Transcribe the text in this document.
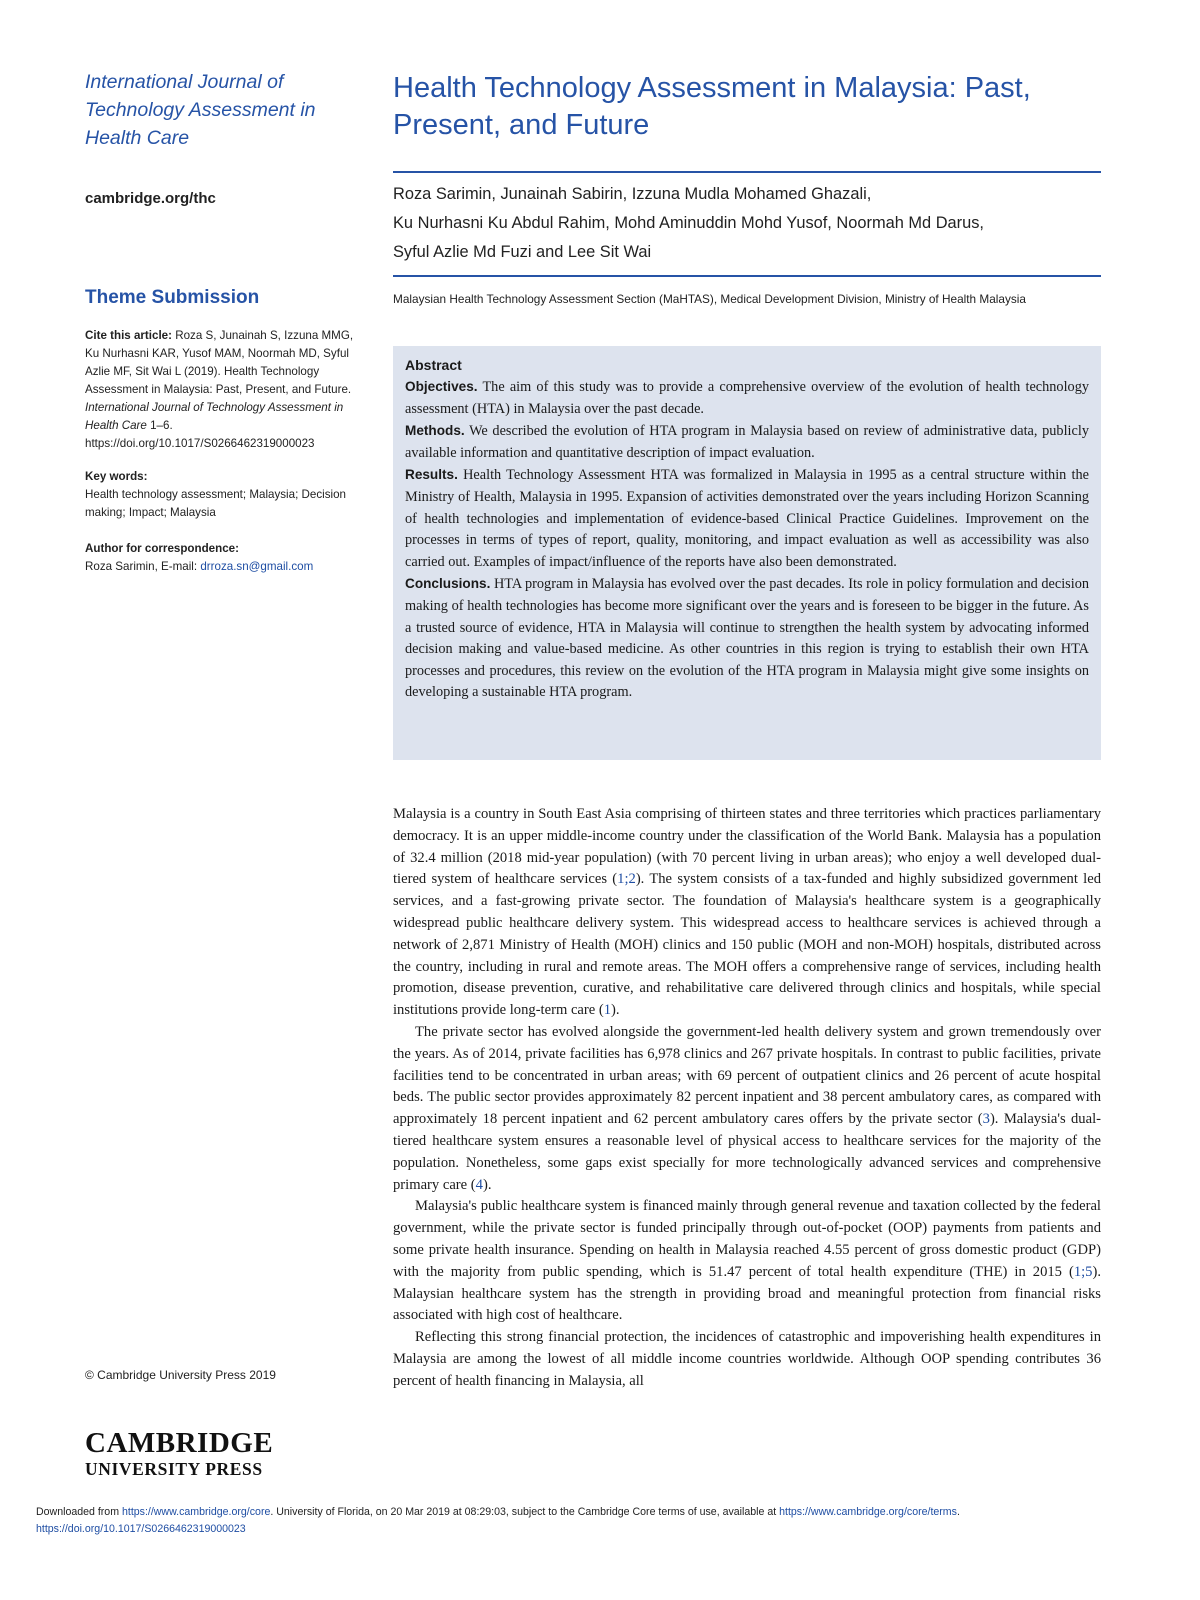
International Journal of Technology Assessment in Health Care
cambridge.org/thc
Theme Submission
Cite this article: Roza S, Junainah S, Izzuna MMG, Ku Nurhasni KAR, Yusof MAM, Noormah MD, Syful Azlie MF, Sit Wai L (2019). Health Technology Assessment in Malaysia: Past, Present, and Future. International Journal of Technology Assessment in Health Care 1–6.
https://doi.org/10.1017/S0266462319000023
Key words:
Health technology assessment; Malaysia; Decision making; Impact; Malaysia
Author for correspondence:
Roza Sarimin, E-mail: drroza.sn@gmail.com
© Cambridge University Press 2019
CAMBRIDGE
UNIVERSITY PRESS
Health Technology Assessment in Malaysia: Past, Present, and Future
Roza Sarimin, Junainah Sabirin, Izzuna Mudla Mohamed Ghazali,
Ku Nurhasni Ku Abdul Rahim, Mohd Aminuddin Mohd Yusof, Noormah Md Darus,
Syful Azlie Md Fuzi and Lee Sit Wai
Malaysian Health Technology Assessment Section (MaHTAS), Medical Development Division, Ministry of Health Malaysia
Abstract

Objectives. The aim of this study was to provide a comprehensive overview of the evolution of health technology assessment (HTA) in Malaysia over the past decade.

Methods. We described the evolution of HTA program in Malaysia based on review of administrative data, publicly available information and quantitative description of impact evaluation.

Results. Health Technology Assessment HTA was formalized in Malaysia in 1995 as a central structure within the Ministry of Health, Malaysia in 1995. Expansion of activities demonstrated over the years including Horizon Scanning of health technologies and implementation of evidence-based Clinical Practice Guidelines. Improvement on the processes in terms of types of report, quality, monitoring, and impact evaluation as well as accessibility was also carried out. Examples of impact/influence of the reports have also been demonstrated.

Conclusions. HTA program in Malaysia has evolved over the past decades. Its role in policy formulation and decision making of health technologies has become more significant over the years and is foreseen to be bigger in the future. As a trusted source of evidence, HTA in Malaysia will continue to strengthen the health system by advocating informed decision making and value-based medicine. As other countries in this region is trying to establish their own HTA processes and procedures, this review on the evolution of the HTA program in Malaysia might give some insights on developing a sustainable HTA program.

Malaysia is a country in South East Asia comprising of thirteen states and three territories which practices parliamentary democracy. It is an upper middle-income country under the classification of the World Bank. Malaysia has a population of 32.4 million (2018 mid-year population) (with 70 percent living in urban areas); who enjoy a well developed dual-tiered system of healthcare services (1;2). The system consists of a tax-funded and highly subsidized government led services, and a fast-growing private sector. The foundation of Malaysia's healthcare system is a geographically widespread public healthcare delivery system. This widespread access to healthcare services is achieved through a network of 2,871 Ministry of Health (MOH) clinics and 150 public (MOH and non-MOH) hospitals, distributed across the country, including in rural and remote areas. The MOH offers a comprehensive range of services, including health promotion, disease prevention, curative, and rehabilitative care delivered through clinics and hospitals, while special institutions provide long-term care (1).

The private sector has evolved alongside the government-led health delivery system and grown tremendously over the years. As of 2014, private facilities has 6,978 clinics and 267 private hospitals. In contrast to public facilities, private facilities tend to be concentrated in urban areas; with 69 percent of outpatient clinics and 26 percent of acute hospital beds. The public sector provides approximately 82 percent inpatient and 38 percent ambulatory cares, as compared with approximately 18 percent inpatient and 62 percent ambulatory cares offers by the private sector (3). Malaysia's dual-tiered healthcare system ensures a reasonable level of physical access to healthcare services for the majority of the population. Nonetheless, some gaps exist specially for more technologically advanced services and comprehensive primary care (4).

Malaysia's public healthcare system is financed mainly through general revenue and taxation collected by the federal government, while the private sector is funded principally through out-of-pocket (OOP) payments from patients and some private health insurance. Spending on health in Malaysia reached 4.55 percent of gross domestic product (GDP) with the majority from public spending, which is 51.47 percent of total health expenditure (THE) in 2015 (1;5). Malaysian healthcare system has the strength in providing broad and meaningful protection from financial risks associated with high cost of healthcare.

Reflecting this strong financial protection, the incidences of catastrophic and impoverishing health expenditures in Malaysia are among the lowest of all middle income countries worldwide. Although OOP spending contributes 36 percent of health financing in Malaysia, all

Downloaded from https://www.cambridge.org/core. University of Florida, on 20 Mar 2019 at 08:29:03, subject to the Cambridge Core terms of use, available at https://www.cambridge.org/core/terms.
https://doi.org/10.1017/S0266462319000023
